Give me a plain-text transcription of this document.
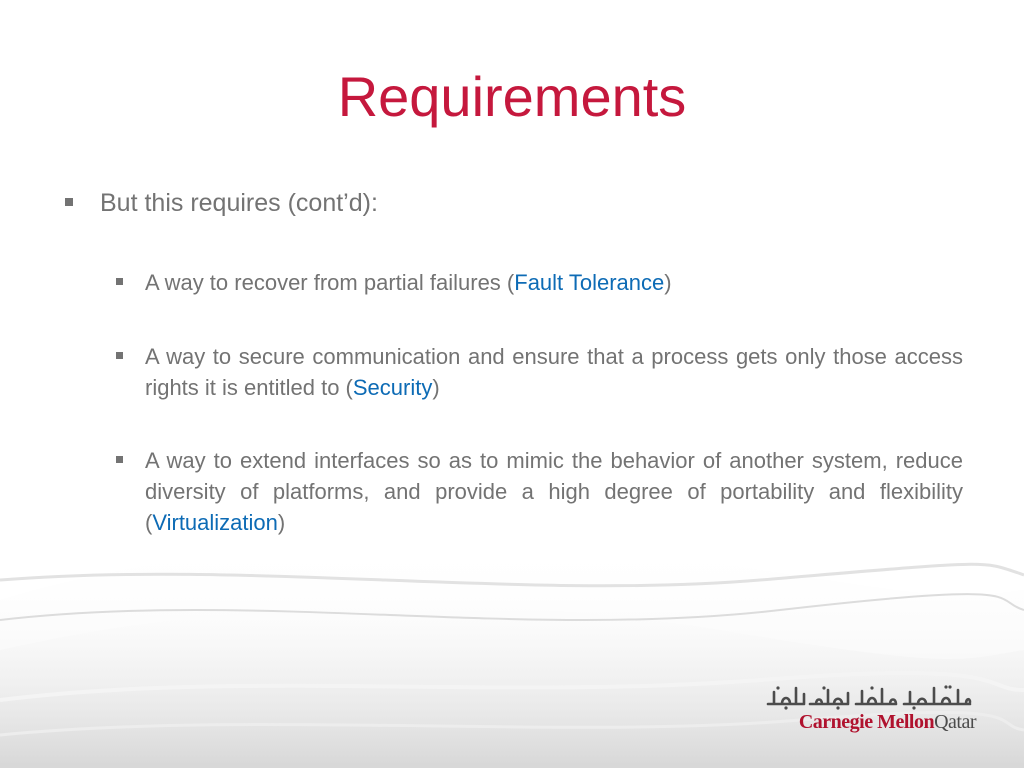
Requirements
But this requires (cont’d):
A way to recover from partial failures (Fault Tolerance)
A way to secure communication and ensure that a process gets only those access rights it is entitled to (Security)
A way to extend interfaces so as to mimic the behavior of another system, reduce diversity of platforms, and provide a high degree of portability and flexibility (Virtualization)
Carnegie MellonQatar
